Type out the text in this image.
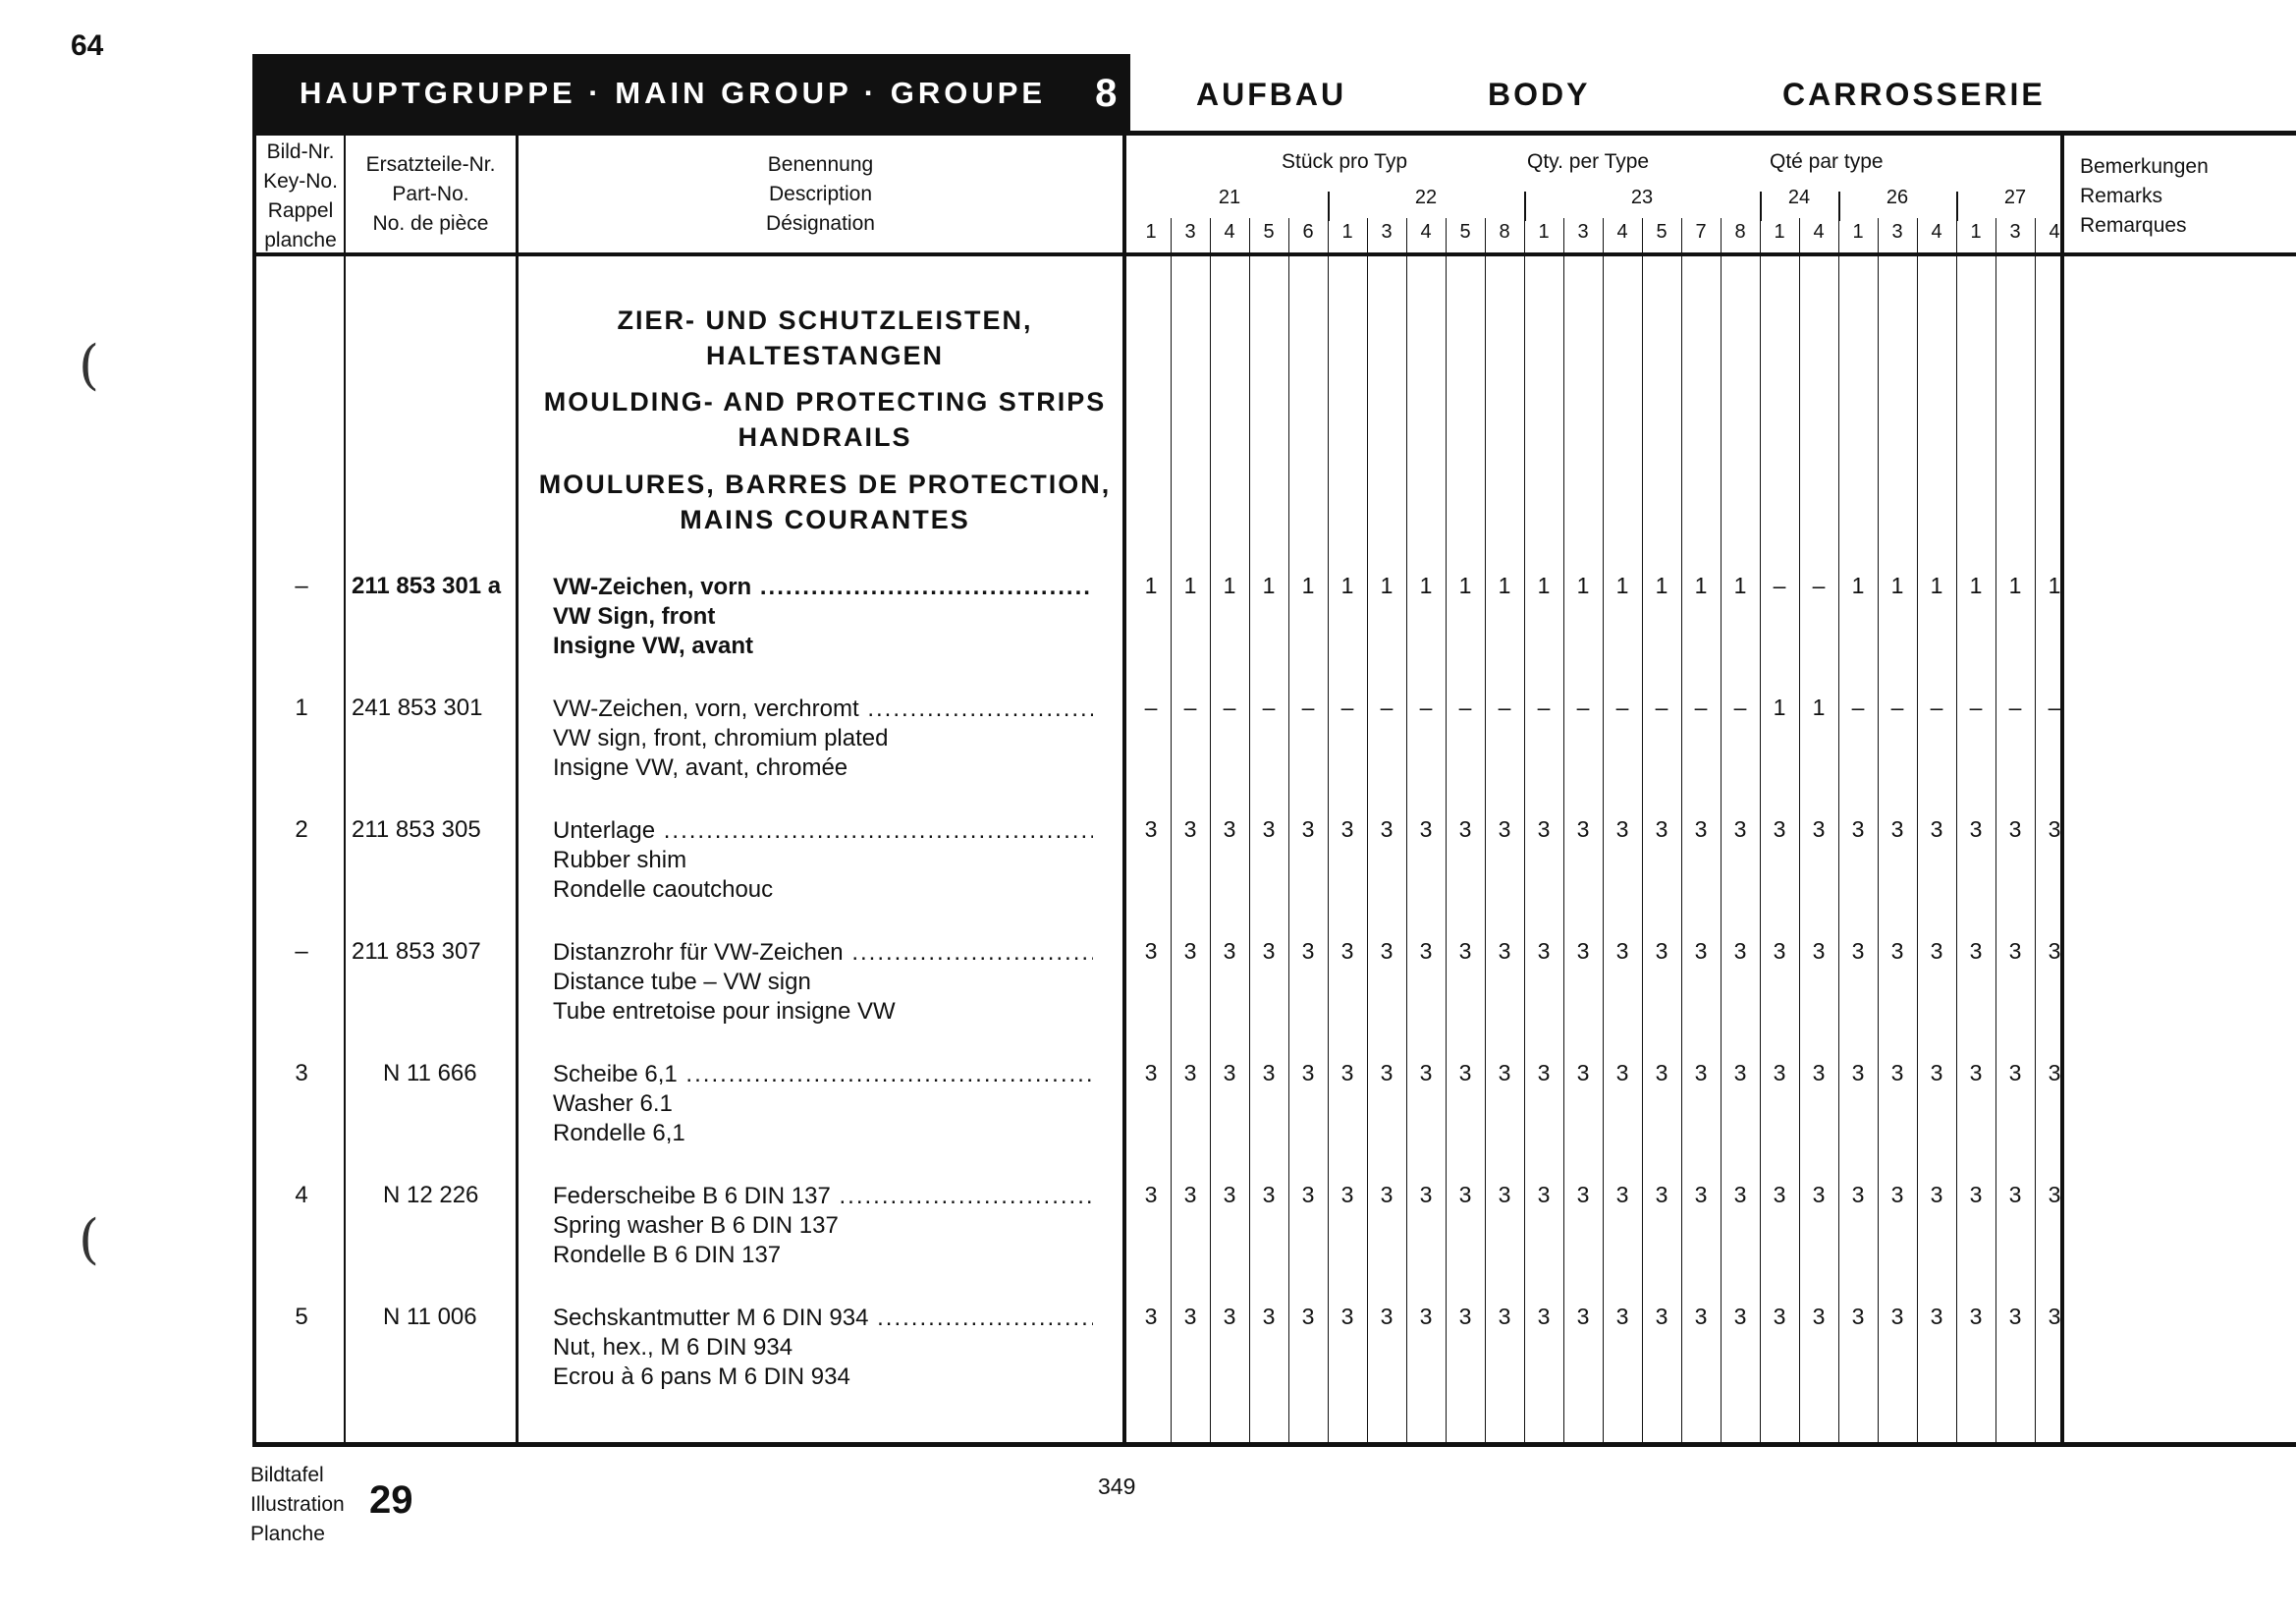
64
(
(
HAUPTGRUPPE · MAIN GROUP · GROUPE 8 AUFBAU	BODY	CARROSSERIE
Bild-Nr.
Key-No.
Rappel
planche
Ersatzteile-Nr.
Part-No.
No. de pièce
Benennung
Description
Désignation
Stück pro Typ	Qty. per Type	Qté par type	Bemerkungen
Remarks
Remarques
21	22	23	24	26	27
1	3	4	5	6	1	3	4	5	8	1	3	4	5	7	8	1	4	1	3	4	1	3	4
ZIER- UND SCHUTZLEISTEN,
HALTESTANGEN
MOULDING- AND PROTECTING STRIPS
HANDRAILS
MOULURES, BARRES DE PROTECTION,
MAINS COURANTES
–	211 853 301 a VW-Zeichen, vorn .....
VW Sign, front
Insigne VW, avant
1	1	1	1	1	1	1	1	1	1	1	1	1	1	1	1	–	–	1	1	1	1	1	1
1	241 853 301	VW-Zeichen, vorn, verchromt .....
VW sign, front, chromium plated
Insigne VW, avant, chromée
–	–	–	–	–	–	–	–	–	–	–	–	–	–	–	–	1	1	–	–	–	–	–	–
2	211 853 305	Unterlage .....
Rubber shim
Rondelle caoutchouc
3	3	3	3	3	3	3	3	3	3	3	3	3	3	3	3	3	3	3	3	3	3	3	3
–	211 853 307	Distanzrohr für VW-Zeichen .....
Distance tube – VW sign
Tube entretoise pour insigne VW
3	3	3	3	3	3	3	3	3	3	3	3	3	3	3	3	3	3	3	3	3	3	3	3
3	N 11 666	Scheibe 6,1 .....
Washer 6.1
Rondelle 6,1
3	3	3	3	3	3	3	3	3	3	3	3	3	3	3	3	3	3	3	3	3	3	3	3
4	N 12 226	Federscheibe B 6 DIN 137 .....
Spring washer B 6 DIN 137
Rondelle B 6 DIN 137
3	3	3	3	3	3	3	3	3	3	3	3	3	3	3	3	3	3	3	3	3	3	3	3
5	N 11 006	Sechskantmutter M 6 DIN 934 .....
Nut, hex., M 6 DIN 934
Ecrou à 6 pans M 6 DIN 934
3	3	3	3	3	3	3	3	3	3	3	3	3	3	3	3	3	3	3	3	3	3	3	3
Bildtafel
Illustration
Planche
29	349
